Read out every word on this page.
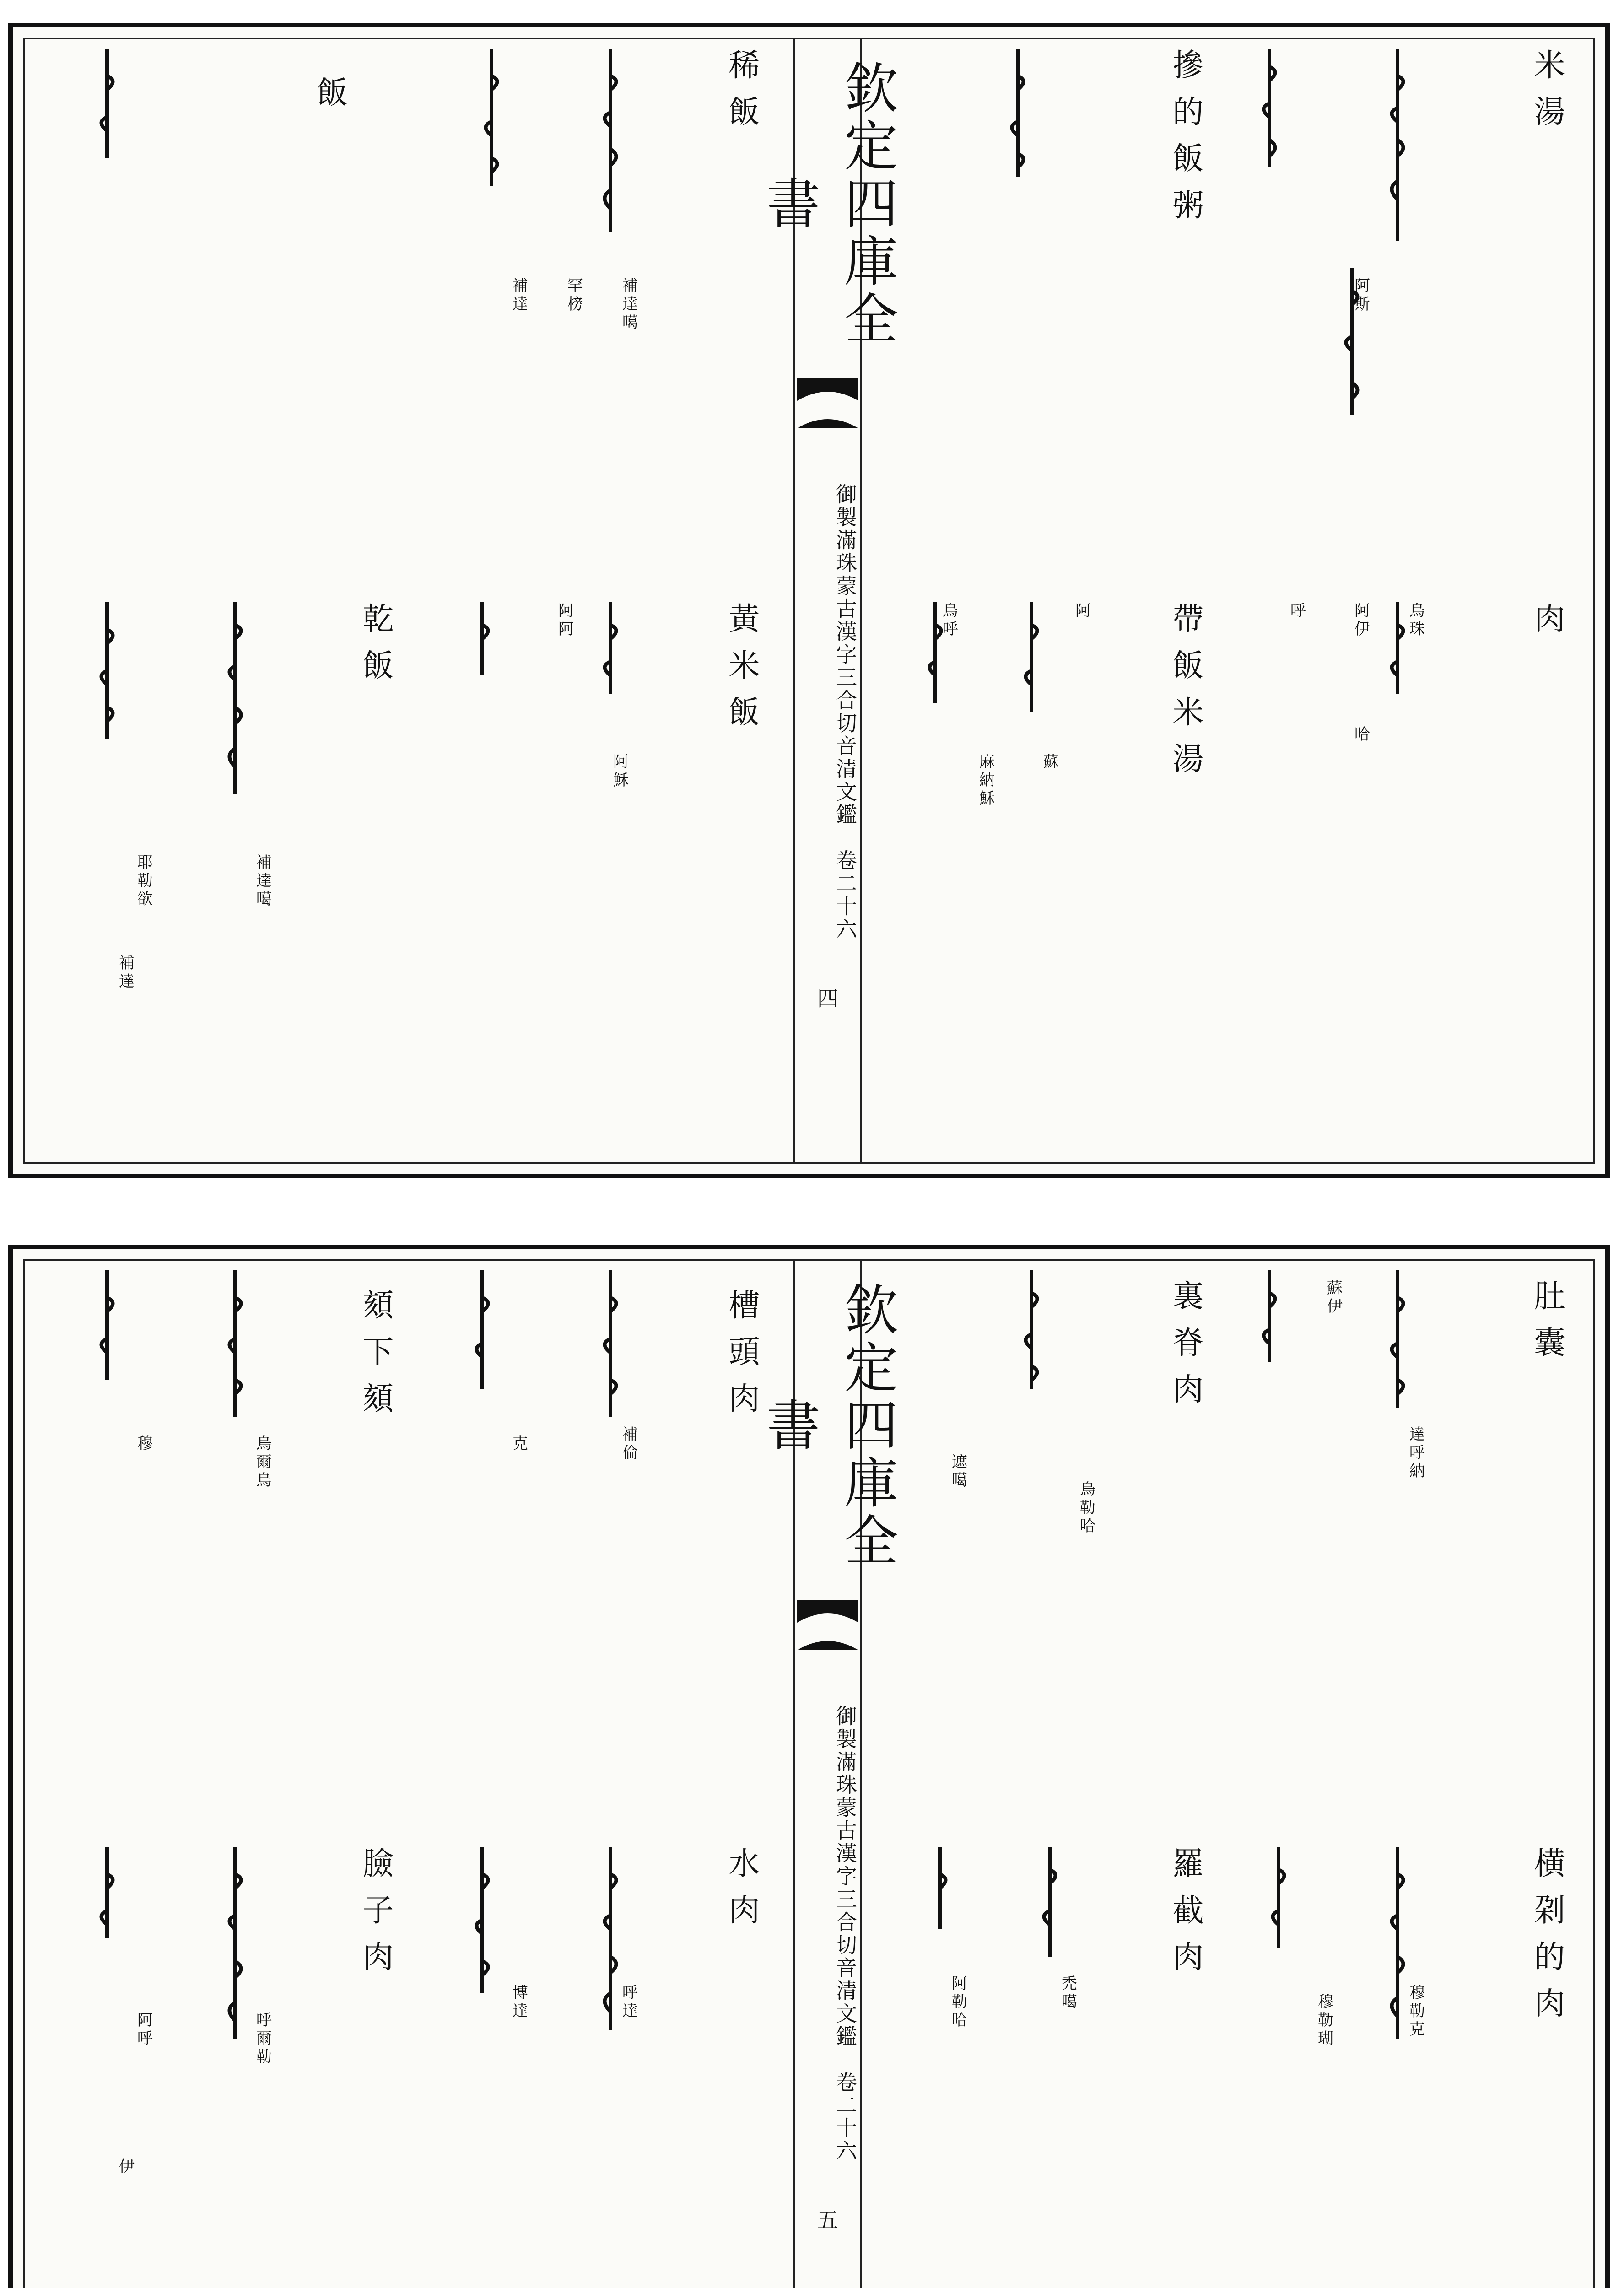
欽定四庫全書
御製滿珠蒙古漢字三合切音清文鑑　卷二十六
四
米湯
肉
摻的飯粥
帶飯米湯
稀飯
黃米飯
飯
乾飯
阿斯
烏珠
阿伊
哈
呼
阿
蘇
烏呼
麻納穌
補達噶
罕榜
補達
阿阿
阿穌
補達噶
耶勒欲
補達
欽定四庫全書
御製滿珠蒙古漢字三合切音清文鑑　卷二十六
五
肚囊
横刴的肉
裏脊肉
羅截肉
槽頭肉
水肉
頦下頦
臉子肉
達呼納
蘇伊
烏勒哈
遮噶
穆勒克
穆勒瑚
禿噶
阿勒哈
補倫
克
呼達
博達
烏爾烏
穆
呼爾勒
阿呼
伊
